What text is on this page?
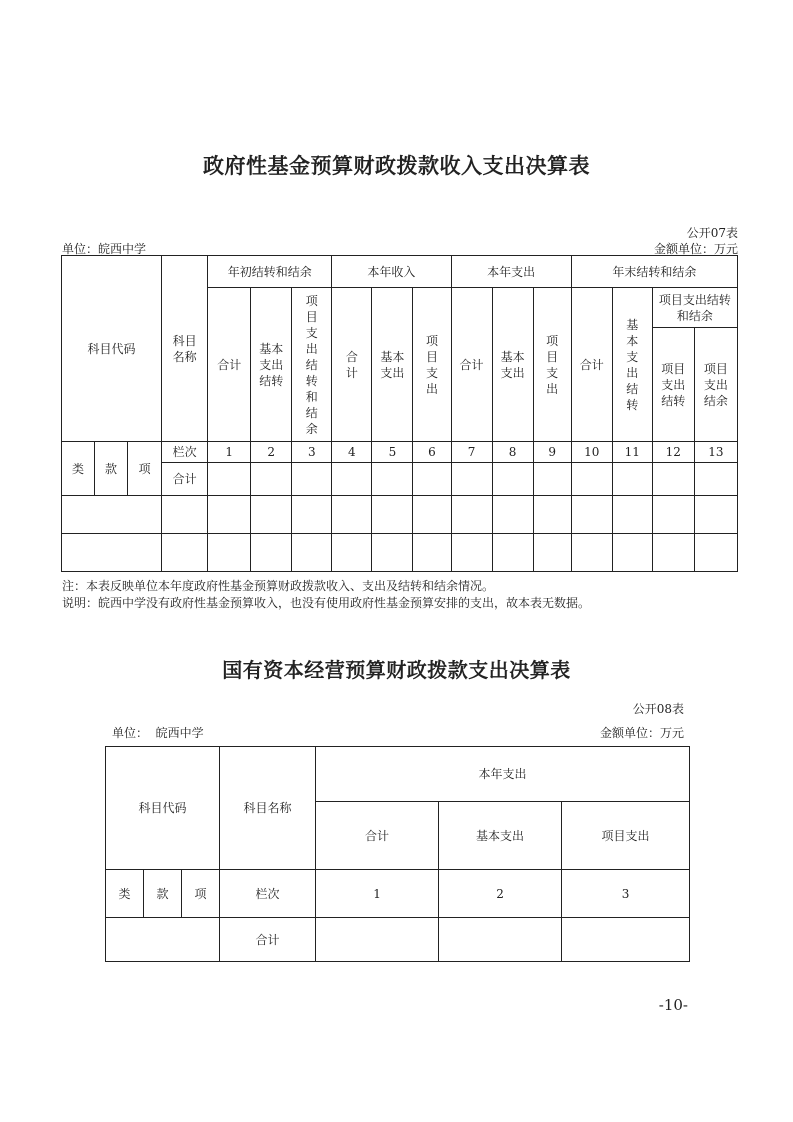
政府性基金预算财政拨款收入支出决算表
公开07表
单位：皖西中学	金额单位：万元
科目代码			科目名称	年初结转和结余			本年收入			本年支出			年末结转和结余			
				合计	基本支出结转	项目支出结转和结余	合计	基本支出	项目支出	合计	基本支出	项目支出	合计	基本支出结转	项目支出结转和结余	
															项目支出结转	项目支出结余
类	款	项	栏次	1	2	3	4	5	6	7	8	9	10	11	12	13
			合计													

注：本表反映单位本年度政府性基金预算财政拨款收入、支出及结转和结余情况。
说明：皖西中学没有政府性基金预算收入，也没有使用政府性基金预算安排的支出，故本表无数据。
国有资本经营预算财政拨款支出决算表
公开08表
单位：  皖西中学	金额单位：万元
科目代码			科目名称	本年支出		
				合计	基本支出	项目支出
类	款	项	栏次	1	2	3
			合计			
-10-
